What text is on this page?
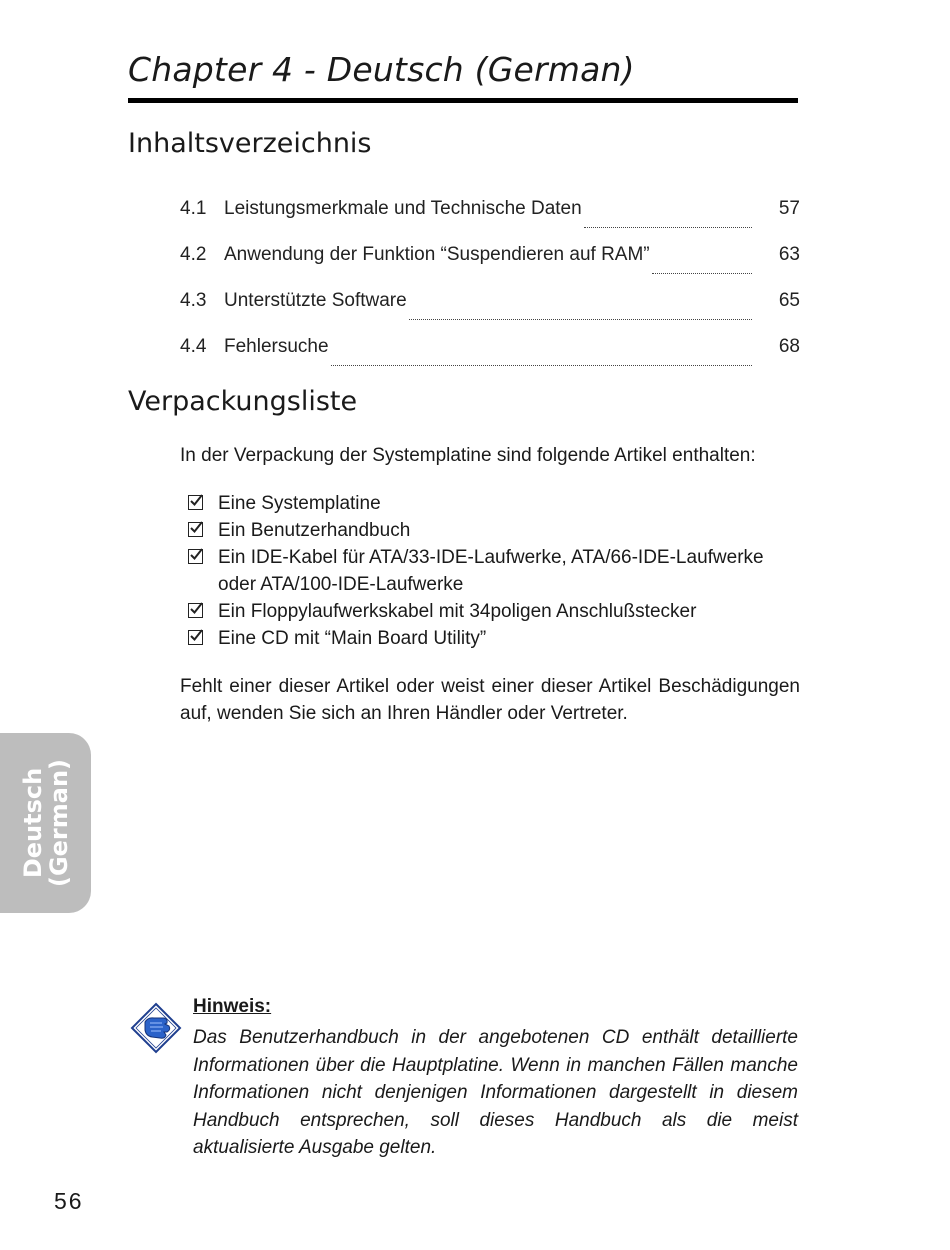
Chapter 4 - Deutsch (German)
Inhaltsverzeichnis
4.1 Leistungsmerkmale und Technische Daten	57
4.2 Anwendung der Funktion “Suspendieren auf RAM”	63
4.3 Unterstützte Software	65
4.4 Fehlersuche	68
Verpackungsliste

In der Verpackung der Systemplatine sind folgende Artikel enthalten:

Eine Systemplatine
Ein Benutzerhandbuch
Ein IDE-Kabel für ATA/33-IDE-Laufwerke, ATA/66-IDE-Laufwerke oder ATA/100-IDE-Laufwerke
Ein Floppylaufwerkskabel mit 34poligen Anschlußstecker
Eine CD mit “Main Board Utility”

Fehlt einer dieser Artikel oder weist einer dieser Artikel Beschädigungen auf, wenden Sie sich an Ihren Händler oder Vertreter.

Deutsch
(German)

Hinweis:

Das Benutzerhandbuch in der angebotenen CD enthält detaillierte Informationen über die Hauptplatine. Wenn in manchen Fällen manche Informationen nicht denjenigen Informationen dargestellt in diesem Handbuch entsprechen, soll dieses Handbuch als die meist aktualisierte Ausgabe gelten.

56
